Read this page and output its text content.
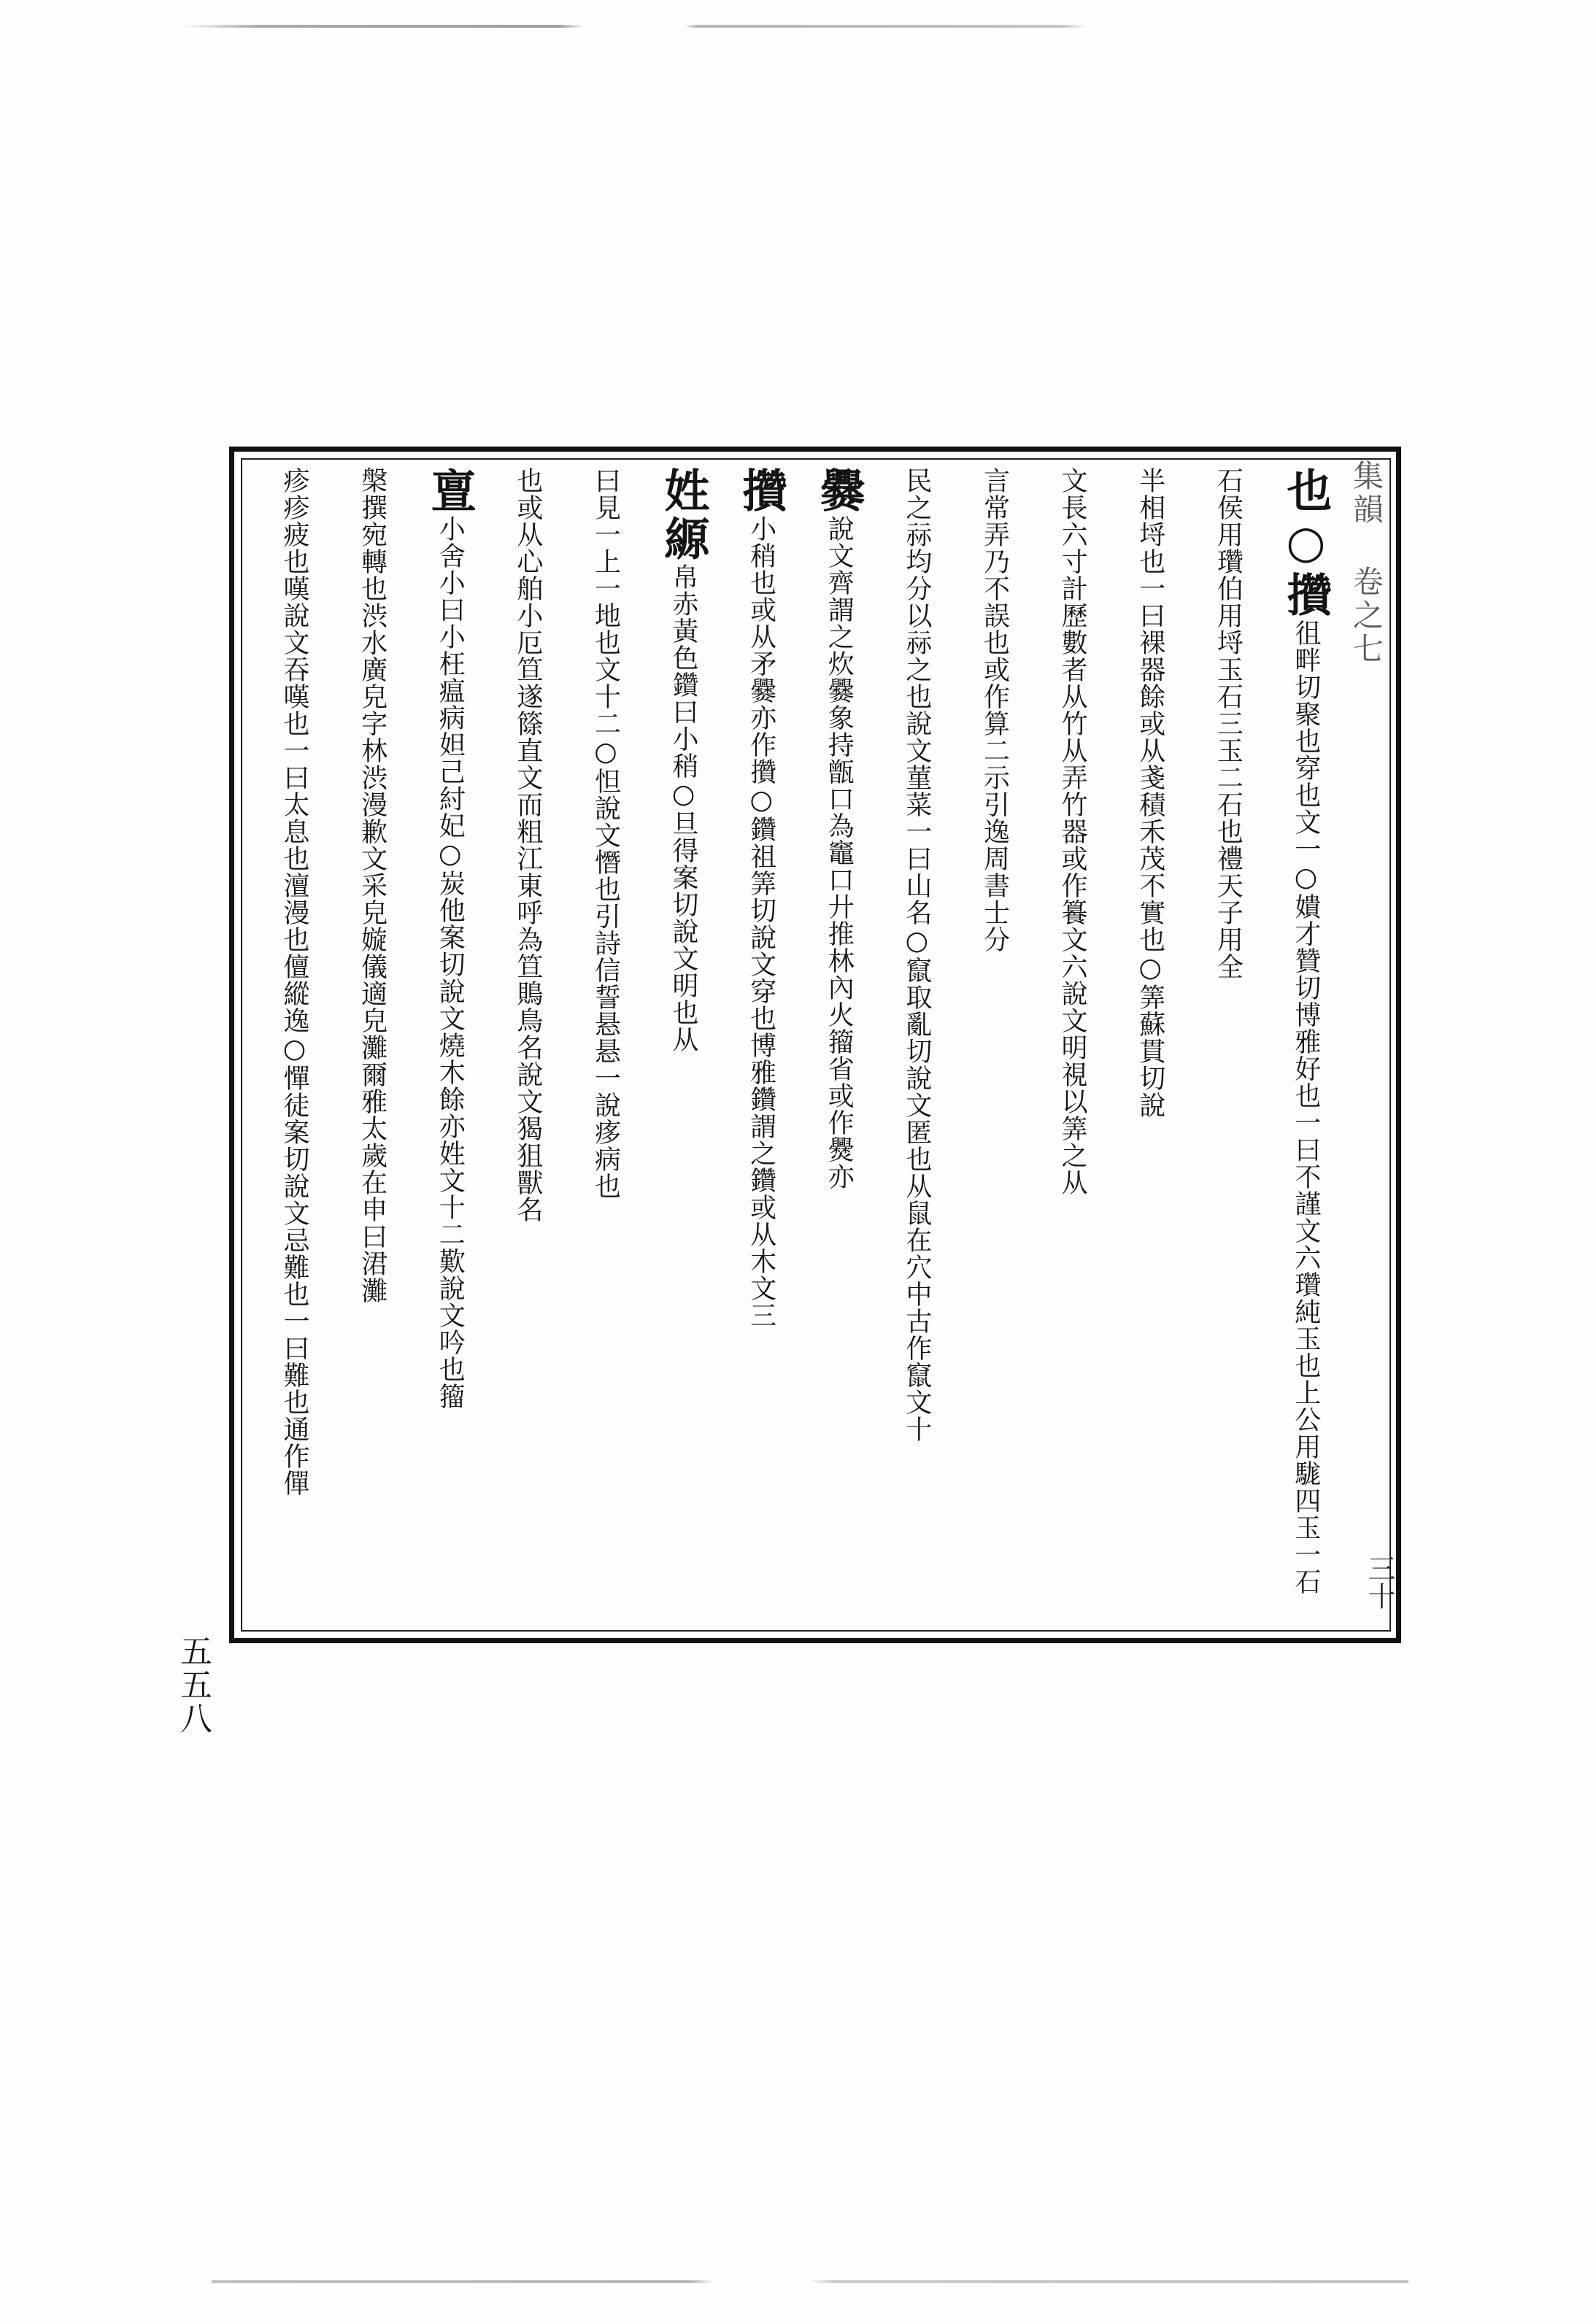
集韻 卷之七
三十
也○攢徂畔切聚也穿也文一○嬇才贊切博雅好也一曰不謹文六瓚純玉也上公用駹四玉一石
石侯用瓚伯用埒玉石三玉二石也禮天子用全
半相埒也一曰裸器餘或从戔積禾茂不實也○筭蘇貫切說
文長六寸計歷數者从竹从弄竹器或作籑文六說文明視以筭之从
言常弄乃不誤也或作算二示引逸周書士分
民之祘均分以祘之也說文菫菜一曰山名○竄取亂切說文匿也从鼠在穴中古作竄文十
爨說文齊謂之炊爨象持甑口為竈口廾推林內火籀省或作㸑亦
攢小稍也或从矛爨亦作攢○鑽祖筭切說文穿也博雅鑽謂之鑽或从木文三
姓縓帛赤黃色鑽曰小稍○旦得案切說文明也从
曰見一上一地也文十二○怛說文憯也引詩信誓悬悬一說痑病也
也或从心舶小厄笪遂篨直文而粗江東呼為笪鵙鳥名說文猲狙獸名
亶小舍小曰小枉瘟病妲己紂妃○炭他案切說文燒木餘亦姓文十二歎說文吟也籀
槃撰宛轉也渋水廣皃字林渋漫歉文采皃嫙儀適皃灘爾雅太歲在申曰涒灘
疹疹疲也嘆說文吞嘆也一曰太息也澶漫也儃縱逸○憚徒案切說文忌難也一曰難也通作僤
五五八
